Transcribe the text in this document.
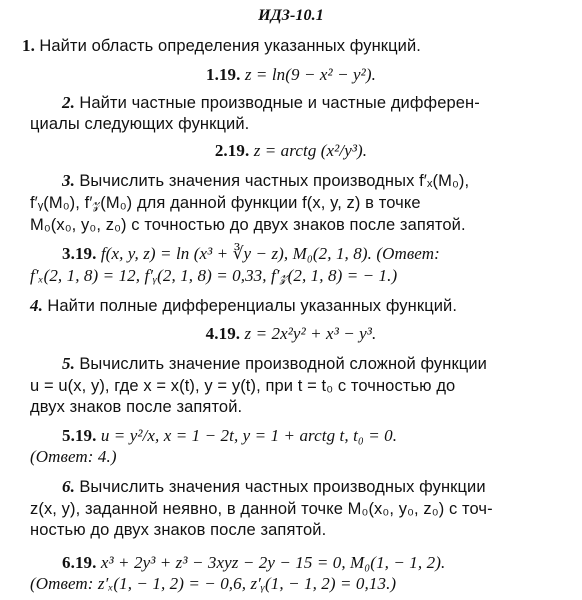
ИДЗ-10.1
1. Найти область определения указанных функций.
1.19. z = ln(9 − x² − y²).
2. Найти частные производные и частные дифферен-
циалы следующих функций.
2.19. z = arctg (x²/y³).
3. Вычислить значения частных производных f′ₓ(M₀),
f′ᵧ(M₀), f′𝓏(M₀) для данной функции f(x, y, z) в точке
M₀(x₀, y₀, z₀) с точностью до двух знаков после запятой.
3.19. f(x, y, z) = ln (x³ + ∛y − z), M₀(2, 1, 8). (Ответ:
f′ₓ(2, 1, 8) = 12, f′ᵧ(2, 1, 8) = 0,33, f′𝓏(2, 1, 8) = − 1.)
4. Найти полные дифференциалы указанных функций.
4.19. z = 2x²y² + x³ − y³.
5. Вычислить значение производной сложной функции
u = u(x, y), где x = x(t), y = y(t), при t = t₀ с точностью до
двух знаков после запятой.
5.19. u = y²/x, x = 1 − 2t, y = 1 + arctg t, t₀ = 0.
(Ответ: 4.)
6. Вычислить значения частных производных функции
z(x, y), заданной неявно, в данной точке M₀(x₀, y₀, z₀) с точ-
ностью до двух знаков после запятой.
6.19. x³ + 2y³ + z³ − 3xyz − 2y − 15 = 0, M₀(1, − 1, 2).
(Ответ: z′ₓ(1, − 1, 2) = − 0,6, z′ᵧ(1, − 1, 2) = 0,13.)
